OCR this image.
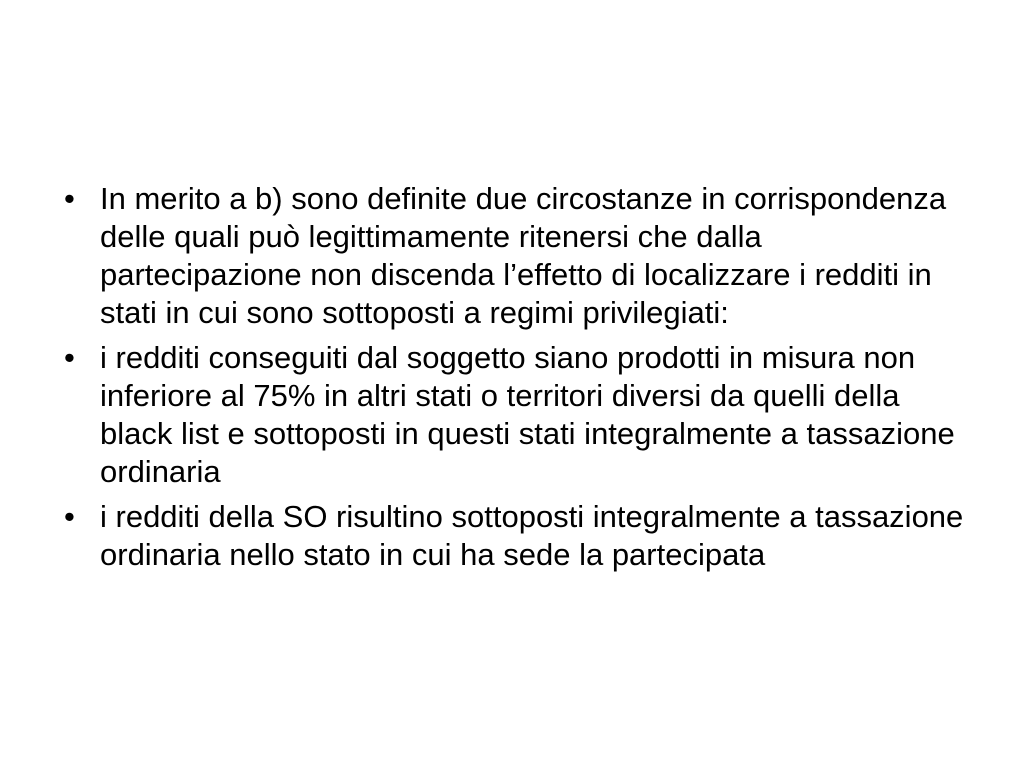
• In merito a b) sono definite due circostanze in corrispondenza delle quali può legittimamente ritenersi che dalla partecipazione non discenda l’effetto di localizzare i redditi in stati in cui sono sottoposti a regimi privilegiati:
• i redditi conseguiti dal soggetto siano prodotti in misura non inferiore al 75% in altri stati o territori diversi da quelli della black list e sottoposti in questi stati integralmente a tassazione ordinaria
• i redditi della SO risultino sottoposti integralmente a tassazione ordinaria nello stato in cui ha sede la partecipata
